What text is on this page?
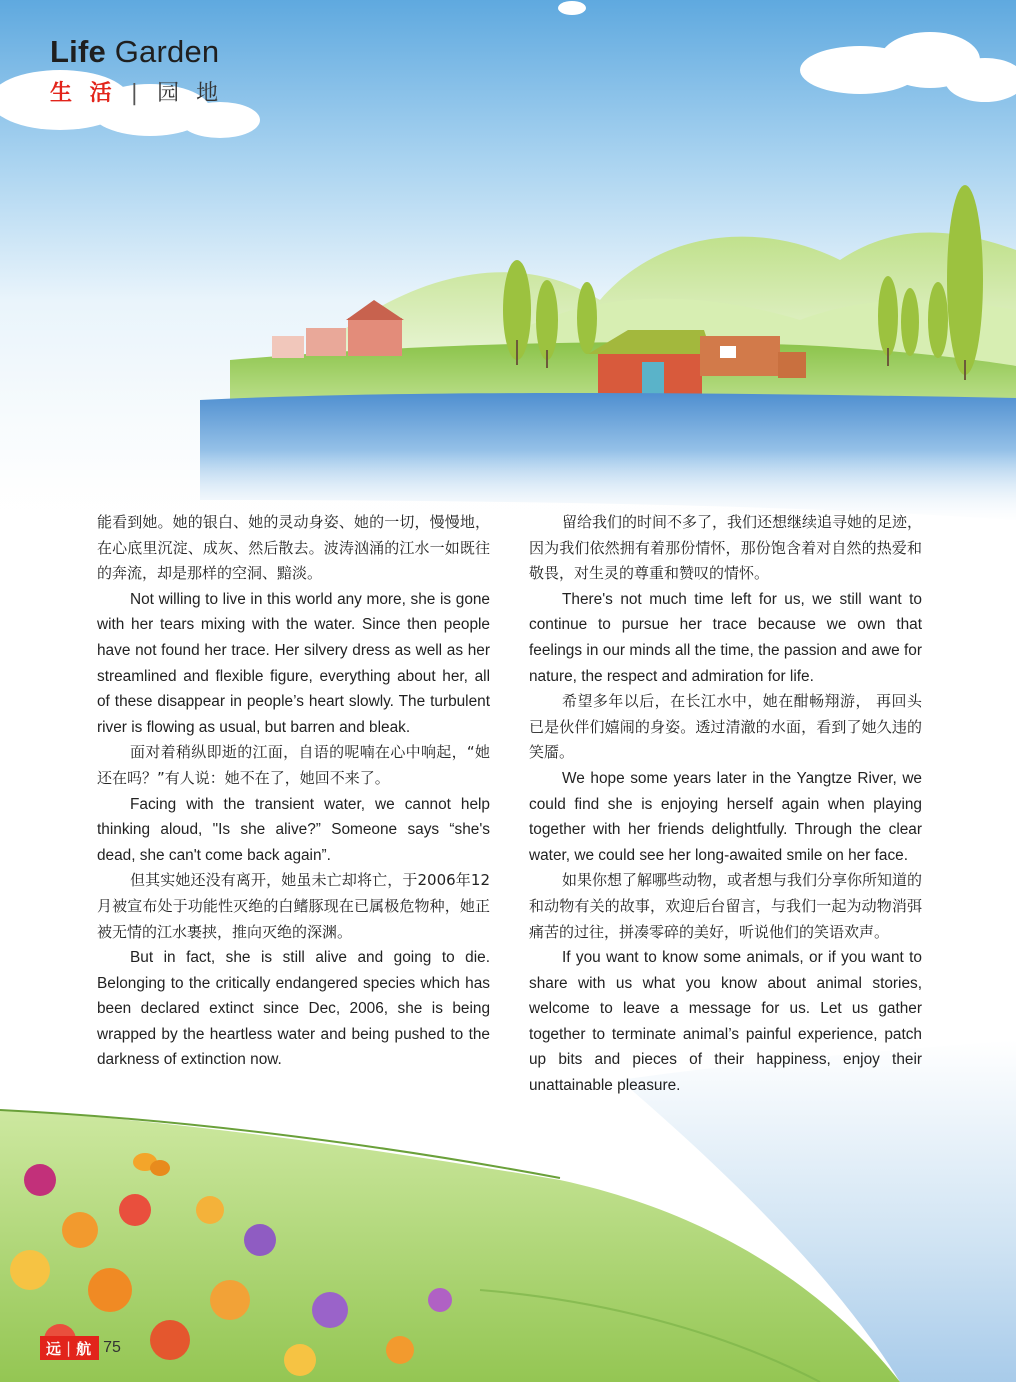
Life Garden
生 活 | 园 地

能看到她。她的银白、她的灵动身姿、她的一切，慢慢地，在心底里沉淀、成灰、然后散去。波涛汹涌的江水一如既往的奔流，却是那样的空洞、黯淡。

Not willing to live in this world any more, she is gone with her tears mixing with the water. Since then people have not found her trace. Her silvery dress as well as her streamlined and flexible figure, everything about her, all of these disappear in people’s heart slowly. The turbulent river is flowing as usual, but barren and bleak.

面对着稍纵即逝的江面，自语的呢喃在心中响起，“她还在吗？”有人说：她不在了，她回不来了。

Facing with the transient water, we cannot help thinking aloud, "Is she alive?” Someone says “she's dead, she can't come back again”.

但其实她还没有离开，她虽未亡却将亡，于2006年12月被宣布处于功能性灭绝的白鳍豚现在已属极危物种，她正被无情的江水裹挟，推向灭绝的深渊。

But in fact, she is still alive and going to die. Belonging to the critically endangered species which has been declared extinct since Dec, 2006, she is being wrapped by the heartless water and being pushed to the darkness of extinction now.

留给我们的时间不多了，我们还想继续追寻她的足迹，因为我们依然拥有着那份情怀，那份饱含着对自然的热爱和敬畏，对生灵的尊重和赞叹的情怀。

There's not much time left for us, we still want to continue to pursue her trace because we own that feelings in our minds all the time, the passion and awe for nature, the respect and admiration for life.

希望多年以后，在长江水中，她在酣畅翔游， 再回头已是伙伴们嬉闹的身姿。透过清澈的水面，看到了她久违的笑靥。

We hope some years later in the Yangtze River, we could find she is enjoying herself again when playing together with her friends delightfully. Through the clear water, we could see her long-awaited smile on her face.

如果你想了解哪些动物，或者想与我们分享你所知道的和动物有关的故事，欢迎后台留言，与我们一起为动物消弭痛苦的过往，拼凑零碎的美好，听说他们的笑语欢声。

If you want to know some animals, or if you want to share with us what you know about animal stories, welcome to leave a message for us. Let us gather together to terminate animal’s painful experience, patch up bits and pieces of their happiness, enjoy their unattainable pleasure.

远 | 航 75
